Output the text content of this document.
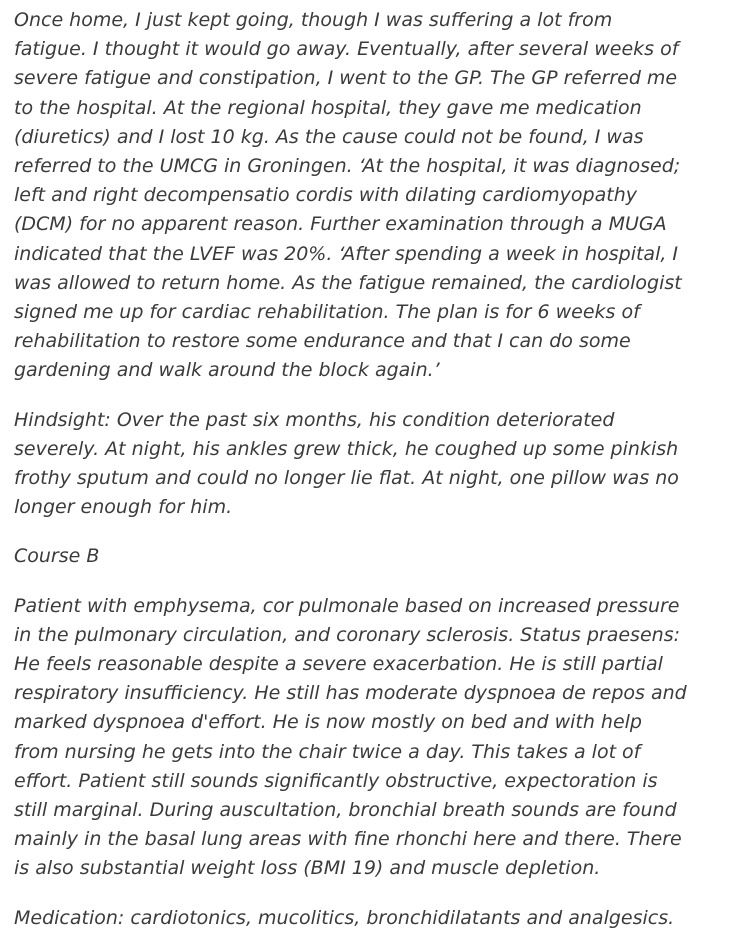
Once home, I just kept going, though I was suffering a lot from
fatigue. I thought it would go away. Eventually, after several weeks of
severe fatigue and constipation, I went to the GP. The GP referred me
to the hospital. At the regional hospital, they gave me medication
(diuretics) and I lost 10 kg. As the cause could not be found, I was
referred to the UMCG in Groningen. ‘At the hospital, it was diagnosed;
left and right decompensatio cordis with dilating cardiomyopathy
(DCM) for no apparent reason. Further examination through a MUGA
indicated that the LVEF was 20%. ‘After spending a week in hospital, I
was allowed to return home. As the fatigue remained, the cardiologist
signed me up for cardiac rehabilitation. The plan is for 6 weeks of
rehabilitation to restore some endurance and that I can do some
gardening and walk around the block again.’

Hindsight: Over the past six months, his condition deteriorated
severely. At night, his ankles grew thick, he coughed up some pinkish
frothy sputum and could no longer lie flat. At night, one pillow was no
longer enough for him.

Course B

Patient with emphysema, cor pulmonale based on increased pressure
in the pulmonary circulation, and coronary sclerosis. Status praesens:
He feels reasonable despite a severe exacerbation. He is still partial
respiratory insufficiency. He still has moderate dyspnoea de repos and
marked dyspnoea d'effort. He is now mostly on bed and with help
from nursing he gets into the chair twice a day. This takes a lot of
effort. Patient still sounds significantly obstructive, expectoration is
still marginal. During auscultation, bronchial breath sounds are found
mainly in the basal lung areas with fine rhonchi here and there. There
is also substantial weight loss (BMI 19) and muscle depletion.

Medication: cardiotonics, mucolitics, bronchidilatants and analgesics.
